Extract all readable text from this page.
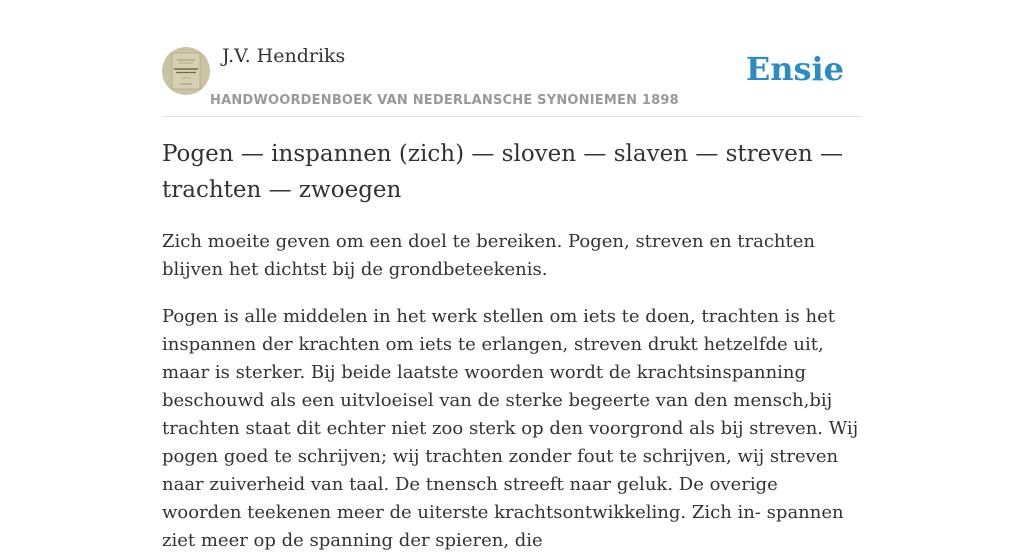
J.V. Hendriks
HANDWOORDENBOEK VAN NEDERLANSCHE SYNONIEMEN 1898
Ensie
Pogen — inspannen (zich) — sloven — slaven — streven — trachten — zwoegen

Zich moeite geven om een doel te bereiken. Pogen, streven en trachten blijven het dichtst bij de grondbeteekenis.

Pogen is alle middelen in het werk stellen om iets te doen, trachten is het inspannen der krachten om iets te erlangen, streven drukt hetzelfde uit, maar is sterker. Bij beide laatste woorden wordt de krachtsinspanning beschouwd als een uitvloeisel van de sterke begeerte van den mensch,bij trachten staat dit echter niet zoo sterk op den voorgrond als bij streven. Wij pogen goed te schrijven; wij trachten zonder fout te schrijven, wij streven naar zuiverheid van taal. De tnensch streeft naar geluk. De overige woorden teekenen meer de uiterste krachtsontwikkeling. Zich in- spannen ziet meer op de spanning der spieren, die
